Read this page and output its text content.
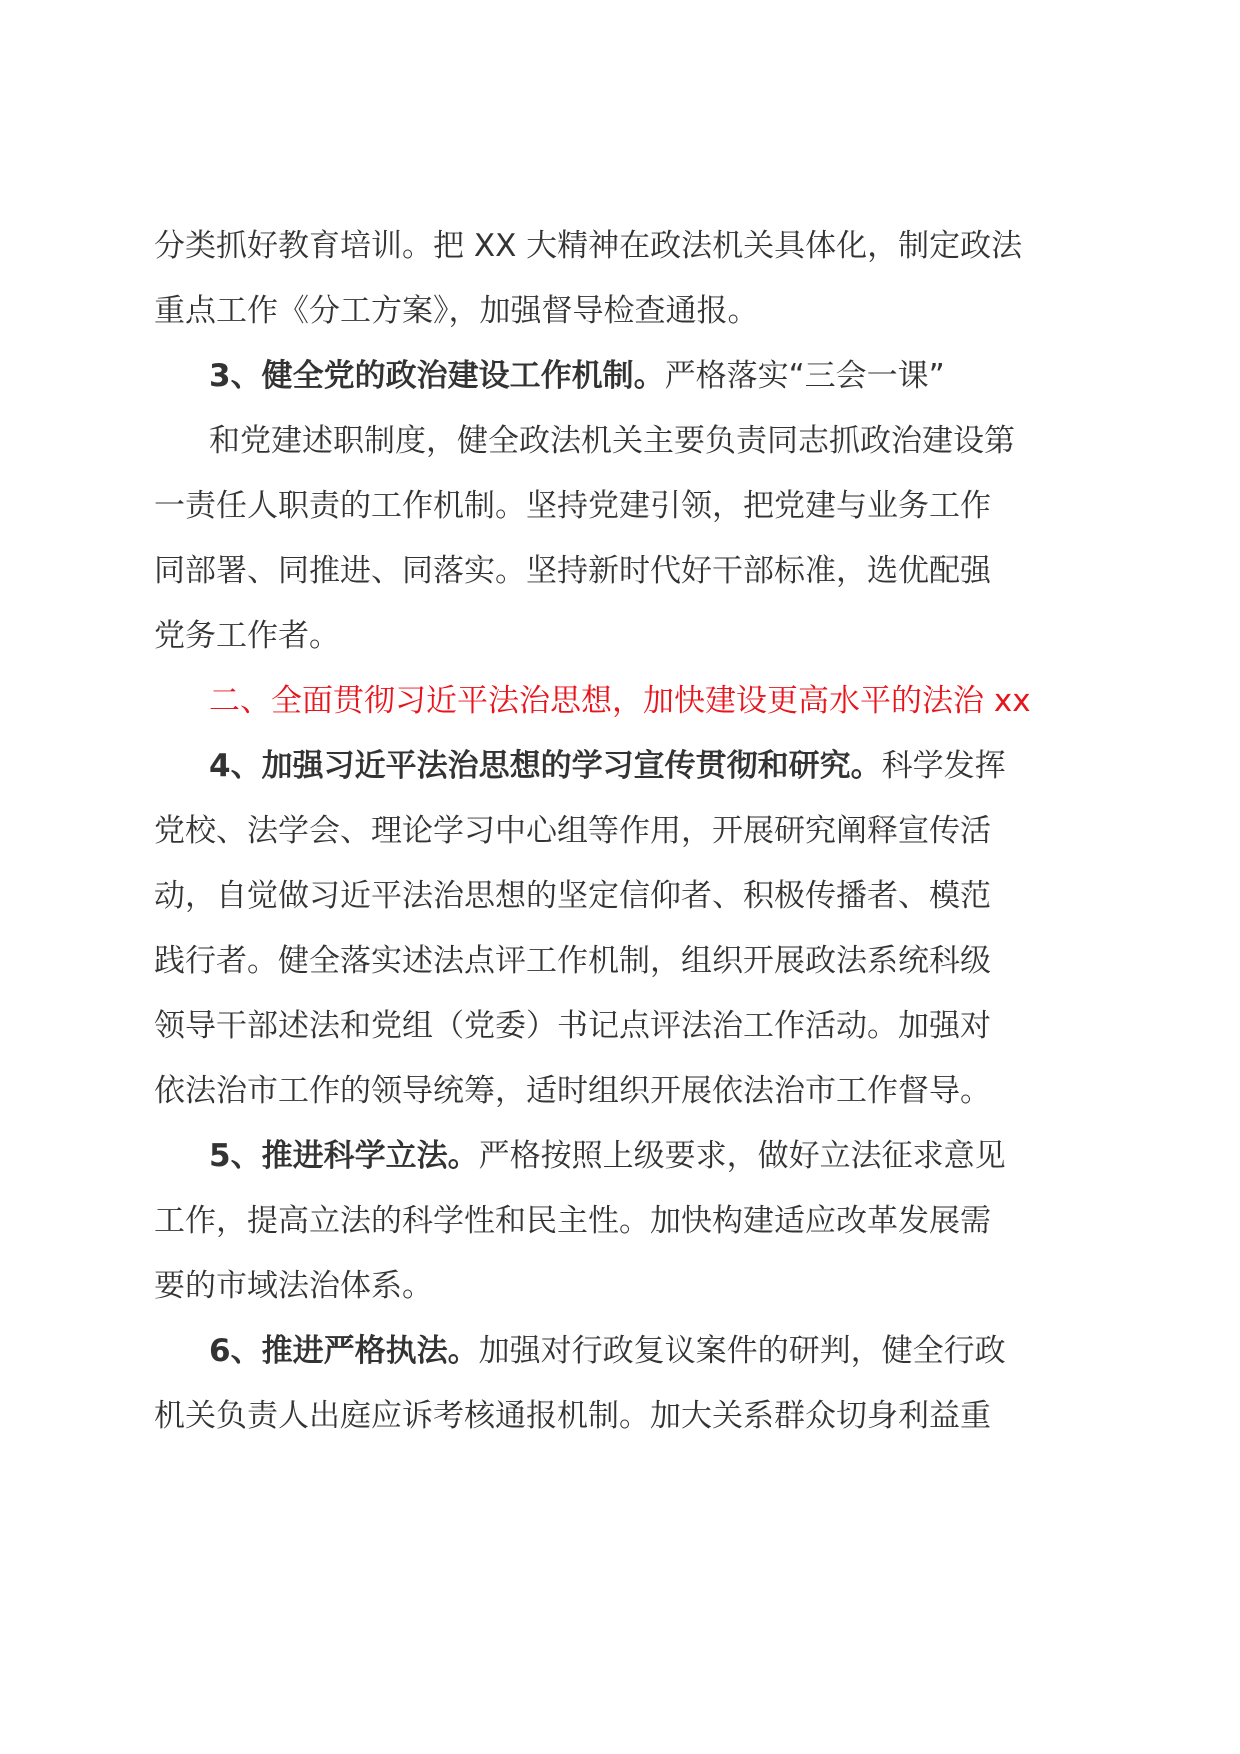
分类抓好教育培训。把 XX 大精神在政法机关具体化，制定政法
重点工作《分工方案》，加强督导检查通报。
3、健全党的政治建设工作机制。严格落实“三会一课”
和党建述职制度，健全政法机关主要负责同志抓政治建设第
一责任人职责的工作机制。坚持党建引领，把党建与业务工作
同部署、同推进、同落实。坚持新时代好干部标准，选优配强
党务工作者。
二、全面贯彻习近平法治思想，加快建设更高水平的法治 xx
4、加强习近平法治思想的学习宣传贯彻和研究。科学发挥
党校、法学会、理论学习中心组等作用，开展研究阐释宣传活
动，自觉做习近平法治思想的坚定信仰者、积极传播者、模范
践行者。健全落实述法点评工作机制，组织开展政法系统科级
领导干部述法和党组（党委）书记点评法治工作活动。加强对
依法治市工作的领导统筹，适时组织开展依法治市工作督导。
5、推进科学立法。严格按照上级要求，做好立法征求意见
工作，提高立法的科学性和民主性。加快构建适应改革发展需
要的市域法治体系。
6、推进严格执法。加强对行政复议案件的研判，健全行政
机关负责人出庭应诉考核通报机制。加大关系群众切身利益重
